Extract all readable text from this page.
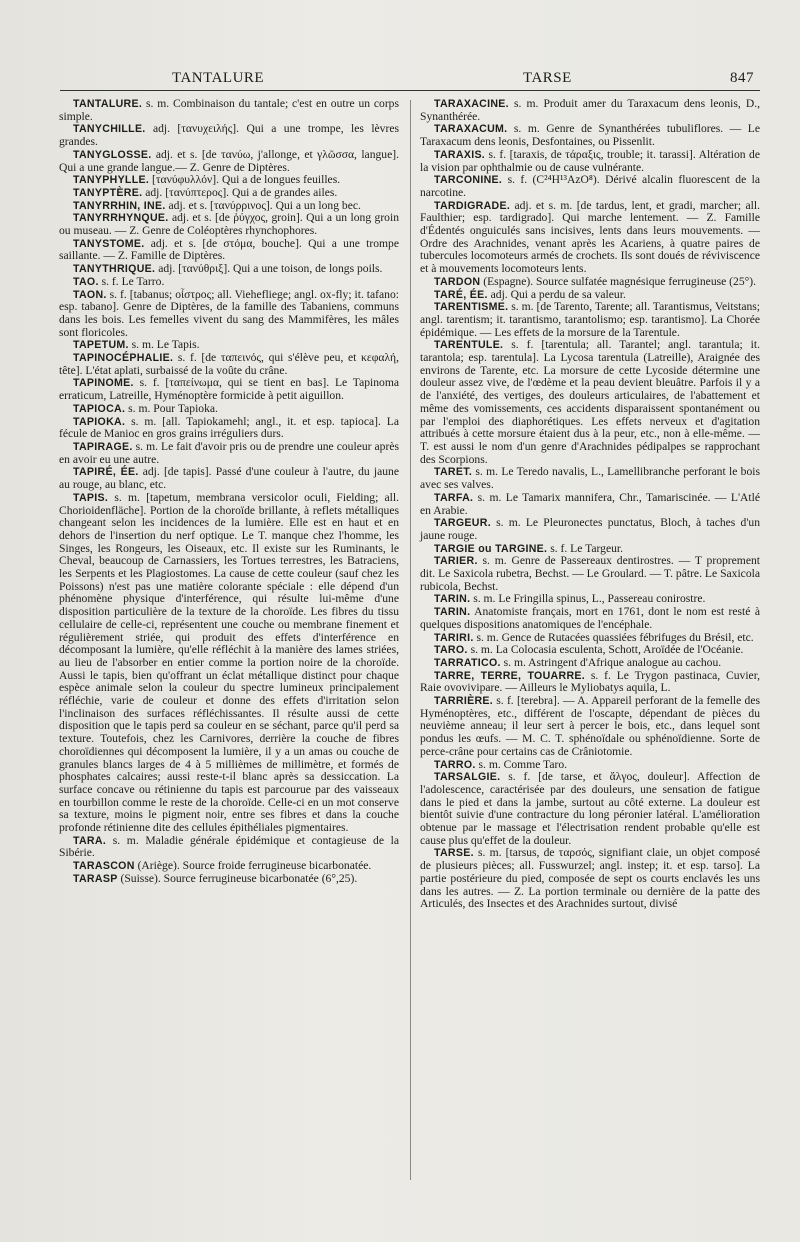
TANTALURE	TARSE	847

TANTALURE. s. m. Combinaison du tantale; c'est en outre un corps simple.

TANYCHILLE. adj. [τανυχειλής]. Qui a une trompe, les lèvres grandes.

TANYGLOSSE. adj. et s. [de τανύω, j'allonge, et γλῶσσα, langue]. Qui a une grande langue.— Z. Genre de Diptères.

TANYPHYLLE. [τανύφυλλόν]. Qui a de longues feuilles.

TANYPTÈRE. adj. [τανύπτερος]. Qui a de grandes ailes.

TANYRRHIN, INE. adj. et s. [τανύρρινος]. Qui a un long bec.

TANYRRHYNQUE. adj. et s. [de ῥύγχος, groin]. Qui a un long groin ou museau. — Z. Genre de Coléoptères rhynchophores.

TANYSTOME. adj. et s. [de στόμα, bouche]. Qui a une trompe saillante. — Z. Famille de Diptères.

TANYTHRIQUE. adj. [τανύθριξ]. Qui a une toison, de longs poils.

TAO. s. f. Le Tarro.

TAON. s. f. [tabanus; οἶστρος; all. Viehefliege; angl. ox-fly; it. tafano: esp. tabano]. Genre de Diptères, de la famille des Tabaniens, communs dans les bois. Les femelles vivent du sang des Mammifères, les mâles sont floricoles.

TAPETUM. s. m. Le Tapis.

TAPINOCÉPHALIE. s. f. [de ταπεινός, qui s'élève peu, et κεφαλή, tête]. L'état aplati, surbaissé de la voûte du crâne.

TAPINOME. s. f. [ταπείνωμα, qui se tient en bas]. Le Tapinoma erraticum, Latreille, Hyménoptère formicide à petit aiguillon.

TAPIOCA. s. m. Pour Tapioka.

TAPIOKA. s. m. [all. Tapiokamehl; angl., it. et esp. tapioca]. La fécule de Manioc en gros grains irréguliers durs.

TAPIRAGE. s. m. Le fait d'avoir pris ou de prendre une couleur après en avoir eu une autre.

TAPIRÉ, ÉE. adj. [de tapis]. Passé d'une couleur à l'autre, du jaune au rouge, au blanc, etc.

TAPIS. s. m. [tapetum, membrana versicolor oculi, Fielding; all. Chorioidenfläche]. Portion de la choroïde brillante, à reflets métalliques changeant selon les incidences de la lumière. Elle est en haut et en dehors de l'insertion du nerf optique. Le T. manque chez l'homme, les Singes, les Rongeurs, les Oiseaux, etc. Il existe sur les Ruminants, le Cheval, beaucoup de Carnassiers, les Tortues terrestres, les Batraciens, les Serpents et les Plagiostomes. La cause de cette couleur (sauf chez les Poissons) n'est pas une matière colorante spéciale : elle dépend d'un phénomène physique d'interférence, qui résulte lui-même d'une disposition particulière de la texture de la choroïde. Les fibres du tissu cellulaire de celle-ci, représentent une couche ou membrane finement et régulièrement striée, qui produit des effets d'interférence en décomposant la lumière, qu'elle réfléchit à la manière des lames striées, au lieu de l'absorber en entier comme la portion noire de la choroïde. Aussi le tapis, bien qu'offrant un éclat métallique distinct pour chaque espèce animale selon la couleur du spectre lumineux principalement réfléchie, varie de couleur et donne des effets d'irritation selon l'inclinaison des surfaces réfléchissantes. Il résulte aussi de cette disposition que le tapis perd sa couleur en se séchant, parce qu'il perd sa texture. Toutefois, chez les Carnivores, derrière la couche de fibres choroïdiennes qui décomposent la lumière, il y a un amas ou couche de granules blancs larges de 4 à 5 millièmes de millimètre, et formés de phosphates calcaires; aussi reste-t-il blanc après sa dessiccation. La surface concave ou rétinienne du tapis est parcourue par des vaisseaux en tourbillon comme le reste de la choroïde. Celle-ci en un mot conserve sa texture, moins le pigment noir, entre ses fibres et dans la couche profonde rétinienne dite des cellules épithéliales pigmentaires.

TARA. s. m. Maladie générale épidémique et contagieuse de la Sibérie.

TARASCON (Ariège). Source froide ferrugineuse bicarbonatée.

TARASP (Suisse). Source ferrugineuse bicarbonatée (6°,25).

TARAXACINE. s. m. Produit amer du Taraxacum dens leonis, D., Synanthérée.

TARAXACUM. s. m. Genre de Synanthérées tubuliflores. — Le Taraxacum dens leonis, Desfontaines, ou Pissenlit.

TARAXIS. s. f. [taraxis, de τάραξις, trouble; it. tarassi]. Altération de la vision par ophthalmie ou de cause vulnérante.

TARCONINE. s. f. (C²⁴H¹³AzO⁸). Dérivé alcalin fluorescent de la narcotine.

TARDIGRADE. adj. et s. m. [de tardus, lent, et gradi, marcher; all. Faulthier; esp. tardigrado]. Qui marche lentement. — Z. Famille d'Édentés onguiculés sans incisives, lents dans leurs mouvements. — Ordre des Arachnides, venant après les Acariens, à quatre paires de tubercules locomoteurs armés de crochets. Ils sont doués de réviviscence et à mouvements locomoteurs lents.

TARDON (Espagne). Source sulfatée magnésique ferrugineuse (25°).

TARÉ, ÉE. adj. Qui a perdu de sa valeur.

TARENTISME. s. m. [de Tarento, Tarente; all. Tarantismus, Veitstans; angl. tarentism; it. tarantismo, tarantolismo; esp. tarantismo]. La Chorée épidémique. — Les effets de la morsure de la Tarentule.

TARENTULE. s. f. [tarentula; all. Tarantel; angl. tarantula; it. tarantola; esp. tarentula]. La Lycosa tarentula (Latreille), Araignée des environs de Tarente, etc. La morsure de cette Lycoside détermine une douleur assez vive, de l'œdème et la peau devient bleuâtre. Parfois il y a de l'anxiété, des vertiges, des douleurs articulaires, de l'abattement et même des vomissements, ces accidents disparaissent spontanément ou par l'emploi des diaphorétiques. Les effets nerveux et d'agitation attribués à cette morsure étaient dus à la peur, etc., non à elle-même. — T. est aussi le nom d'un genre d'Arachnides pédipalpes se rapprochant des Scorpions.

TARET. s. m. Le Teredo navalis, L., Lamellibranche perforant le bois avec ses valves.

TARFA. s. m. Le Tamarix mannifera, Chr., Tamariscinée. — L'Atlé en Arabie.

TARGEUR. s. m. Le Pleuronectes punctatus, Bloch, à taches d'un jaune rouge.

TARGIE ou TARGINE. s. f. Le Targeur.

TARIER. s. m. Genre de Passereaux dentirostres. — T proprement dit. Le Saxicola rubetra, Bechst. — Le Groulard. — T. pâtre. Le Saxicola rubicola, Bechst.

TARIN. s. m. Le Fringilla spinus, L., Passereau conirostre.

TARIN. Anatomiste français, mort en 1761, dont le nom est resté à quelques dispositions anatomiques de l'encéphale.

TARIRI. s. m. Gence de Rutacées quassiées fébrifuges du Brésil, etc.

TARO. s. m. La Colocasia esculenta, Schott, Aroïdée de l'Océanie.

TARRATICO. s. m. Astringent d'Afrique analogue au cachou.

TARRE, TERRE, TOUARRE. s. f. Le Trygon pastinaca, Cuvier, Raie ovovivipare. — Ailleurs le Myliobatys aquila, L.

TARRIÈRE. s. f. [terebra]. — A. Appareil perforant de la femelle des Hyménoptères, etc., différent de l'oscapte, dépendant de pièces du neuvième anneau; il leur sert à percer le bois, etc., dans lequel sont pondus les œufs. — M. C. T. sphénoïdale ou sphénoïdienne. Sorte de perce-crâne pour certains cas de Crâniotomie.

TARRO. s. m. Comme Taro.

TARSALGIE. s. f. [de tarse, et ἄλγος, douleur]. Affection de l'adolescence, caractérisée par des douleurs, une sensation de fatigue dans le pied et dans la jambe, surtout au côté externe. La douleur est bientôt suivie d'une contracture du long péronier latéral. L'amélioration obtenue par le massage et l'électrisation rendent probable qu'elle est cause plus qu'effet de la douleur.

TARSE. s. m. [tarsus, de ταρσός, signifiant claie, un objet composé de plusieurs pièces; all. Fusswurzel; angl. instep; it. et esp. tarso]. La partie postérieure du pied, composée de sept os courts enclavés les uns dans les autres. — Z. La portion terminale ou dernière de la patte des Articulés, des Insectes et des Arachnides surtout, divisé
